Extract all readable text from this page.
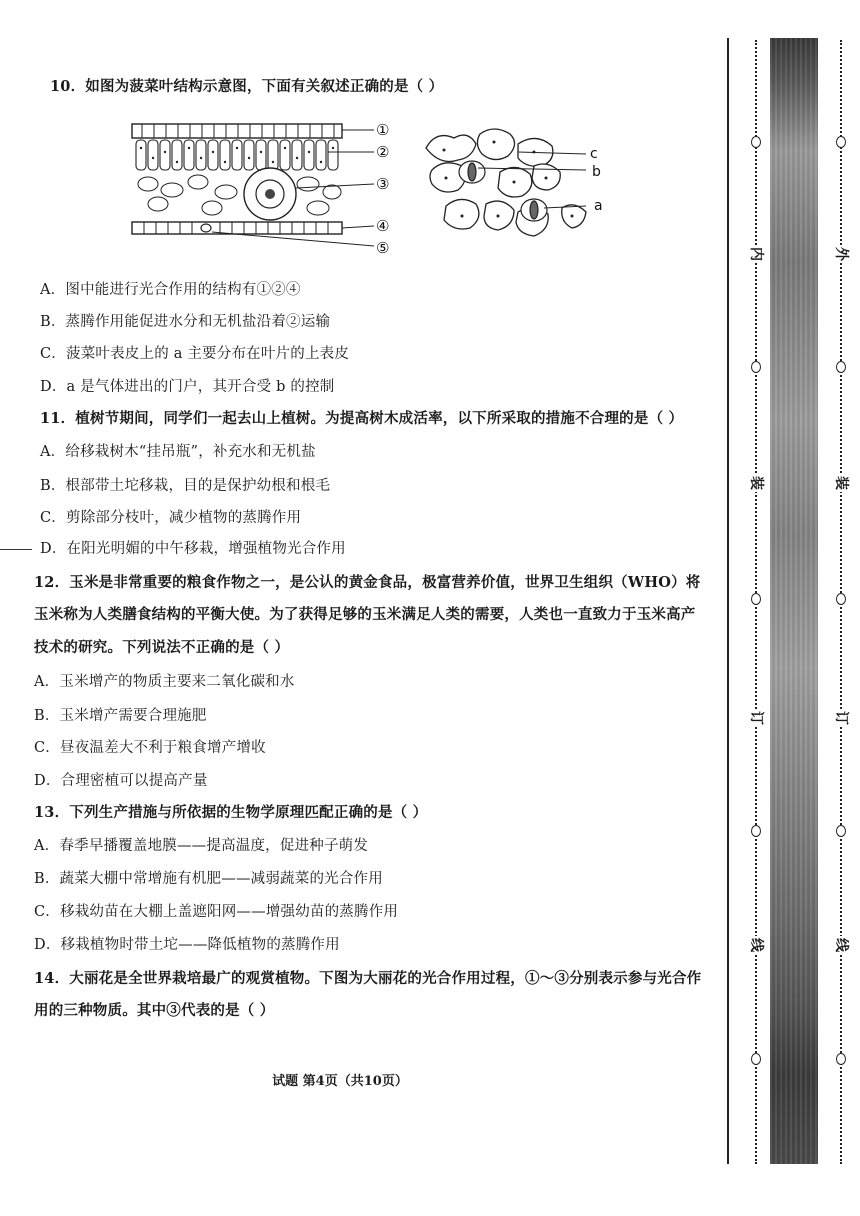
10．如图为菠菜叶结构示意图，下面有关叙述正确的是（ ）
①
②
③
④
⑤
c
b
a
A．图中能进行光合作用的结构有①②④
B．蒸腾作用能促进水分和无机盐沿着②运输
C．菠菜叶表皮上的 a 主要分布在叶片的上表皮
D．a 是气体进出的门户，其开合受 b 的控制
11．植树节期间，同学们一起去山上植树。为提高树木成活率，以下所采取的措施不合理的是（ ）
A．给移栽树木“挂吊瓶”，补充水和无机盐
B．根部带土坨移栽，目的是保护幼根和根毛
C．剪除部分枝叶，减少植物的蒸腾作用
D．在阳光明媚的中午移栽，增强植物光合作用
12．玉米是非常重要的粮食作物之一，是公认的黄金食品，极富营养价值，世界卫生组织（WHO）将
玉米称为人类膳食结构的平衡大使。为了获得足够的玉米满足人类的需要，人类也一直致力于玉米高产
技术的研究。下列说法不正确的是（ ）
A．玉米增产的物质主要来二氧化碳和水
B．玉米增产需要合理施肥
C．昼夜温差大不利于粮食增产增收
D．合理密植可以提高产量
13．下列生产措施与所依据的生物学原理匹配正确的是（ ）
A．春季早播覆盖地膜——提高温度，促进种子萌发
B．蔬菜大棚中常增施有机肥——减弱蔬菜的光合作用
C．移栽幼苗在大棚上盖遮阳网——增强幼苗的蒸腾作用
D．移栽植物时带土坨——降低植物的蒸腾作用
14．大丽花是全世界栽培最广的观赏植物。下图为大丽花的光合作用过程，①～③分别表示参与光合作
用的三种物质。其中③代表的是（ ）
试题 第4页（共10页）
内
装
订
线
外
装
订
线
